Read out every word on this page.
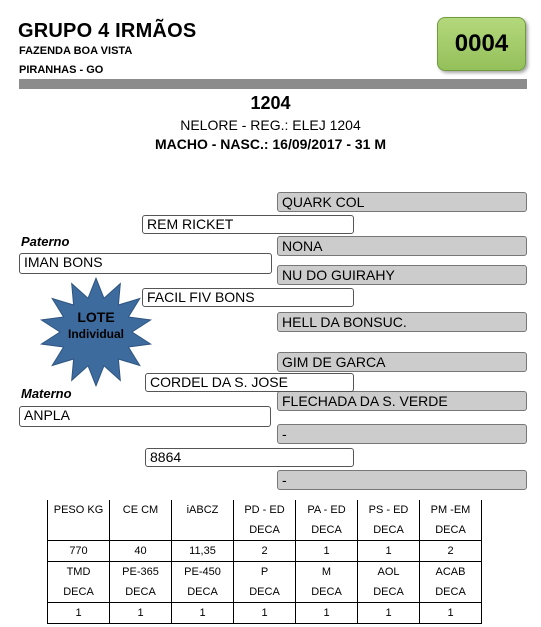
GRUPO 4 IRMÃOS
FAZENDA BOA VISTA
PIRANHAS - GO
0004
1204
NELORE - REG.: ELEJ 1204
MACHO - NASC.: 16/09/2017 - 31 M
QUARK COL
NONA
NU DO GUIRAHY
HELL DA BONSUC.
GIM DE GARCA
FLECHADA DA S. VERDE
-
-
REM RICKET
FACIL FIV BONS
CORDEL DA S. JOSE
8864
Paterno
IMAN BONS
Materno
ANPLA
LOTE
Individual
PESO KG	CE CM	iABCZ	PD - ED	PA - ED	PS - ED	PM -EM
			DECA	DECA	DECA	DECA
770	40	11,35	2	1	1	2
TMD	PE-365	PE-450	P	M	AOL	ACAB
DECA	DECA	DECA	DECA	DECA	DECA	DECA
1	1	1	1	1	1	1
